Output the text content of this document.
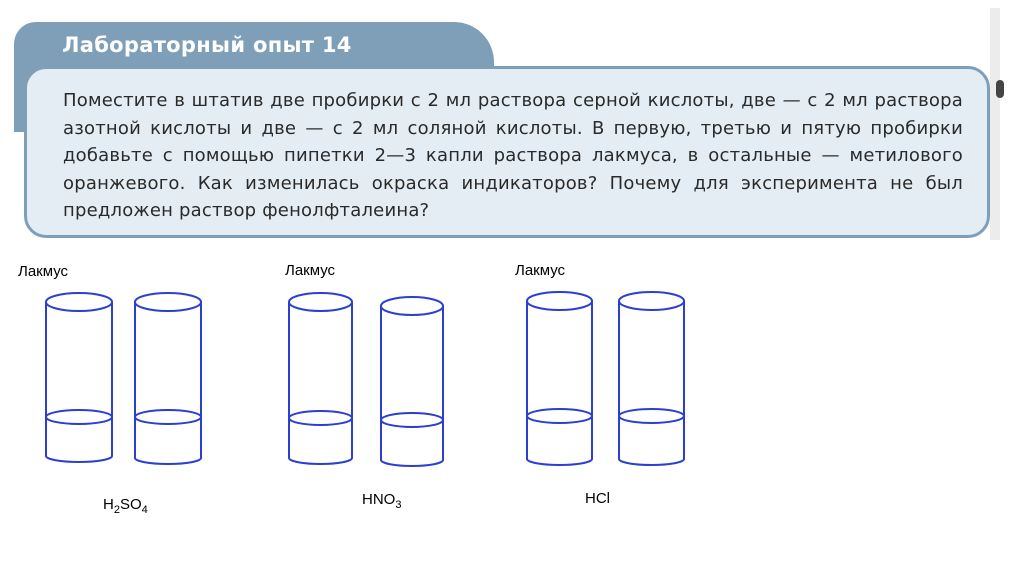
Лабораторный опыт 14

Поместите в штатив две пробирки с 2 мл раствора серной кислоты, две — с 2 мл раствора азотной кислоты и две — с 2 мл соляной кислоты. В первую, третью и пятую пробирки добавьте с помощью пипетки 2—3 капли раствора лакмуса, в остальные — метилового оранжевого. Как изменилась окраска индикаторов? Почему для эксперимента не был предложен раствор фенолфталеина?

Лакмус	Лакмус	Лакмус
$H_2SO_4$
$HNO_3$	HCl
